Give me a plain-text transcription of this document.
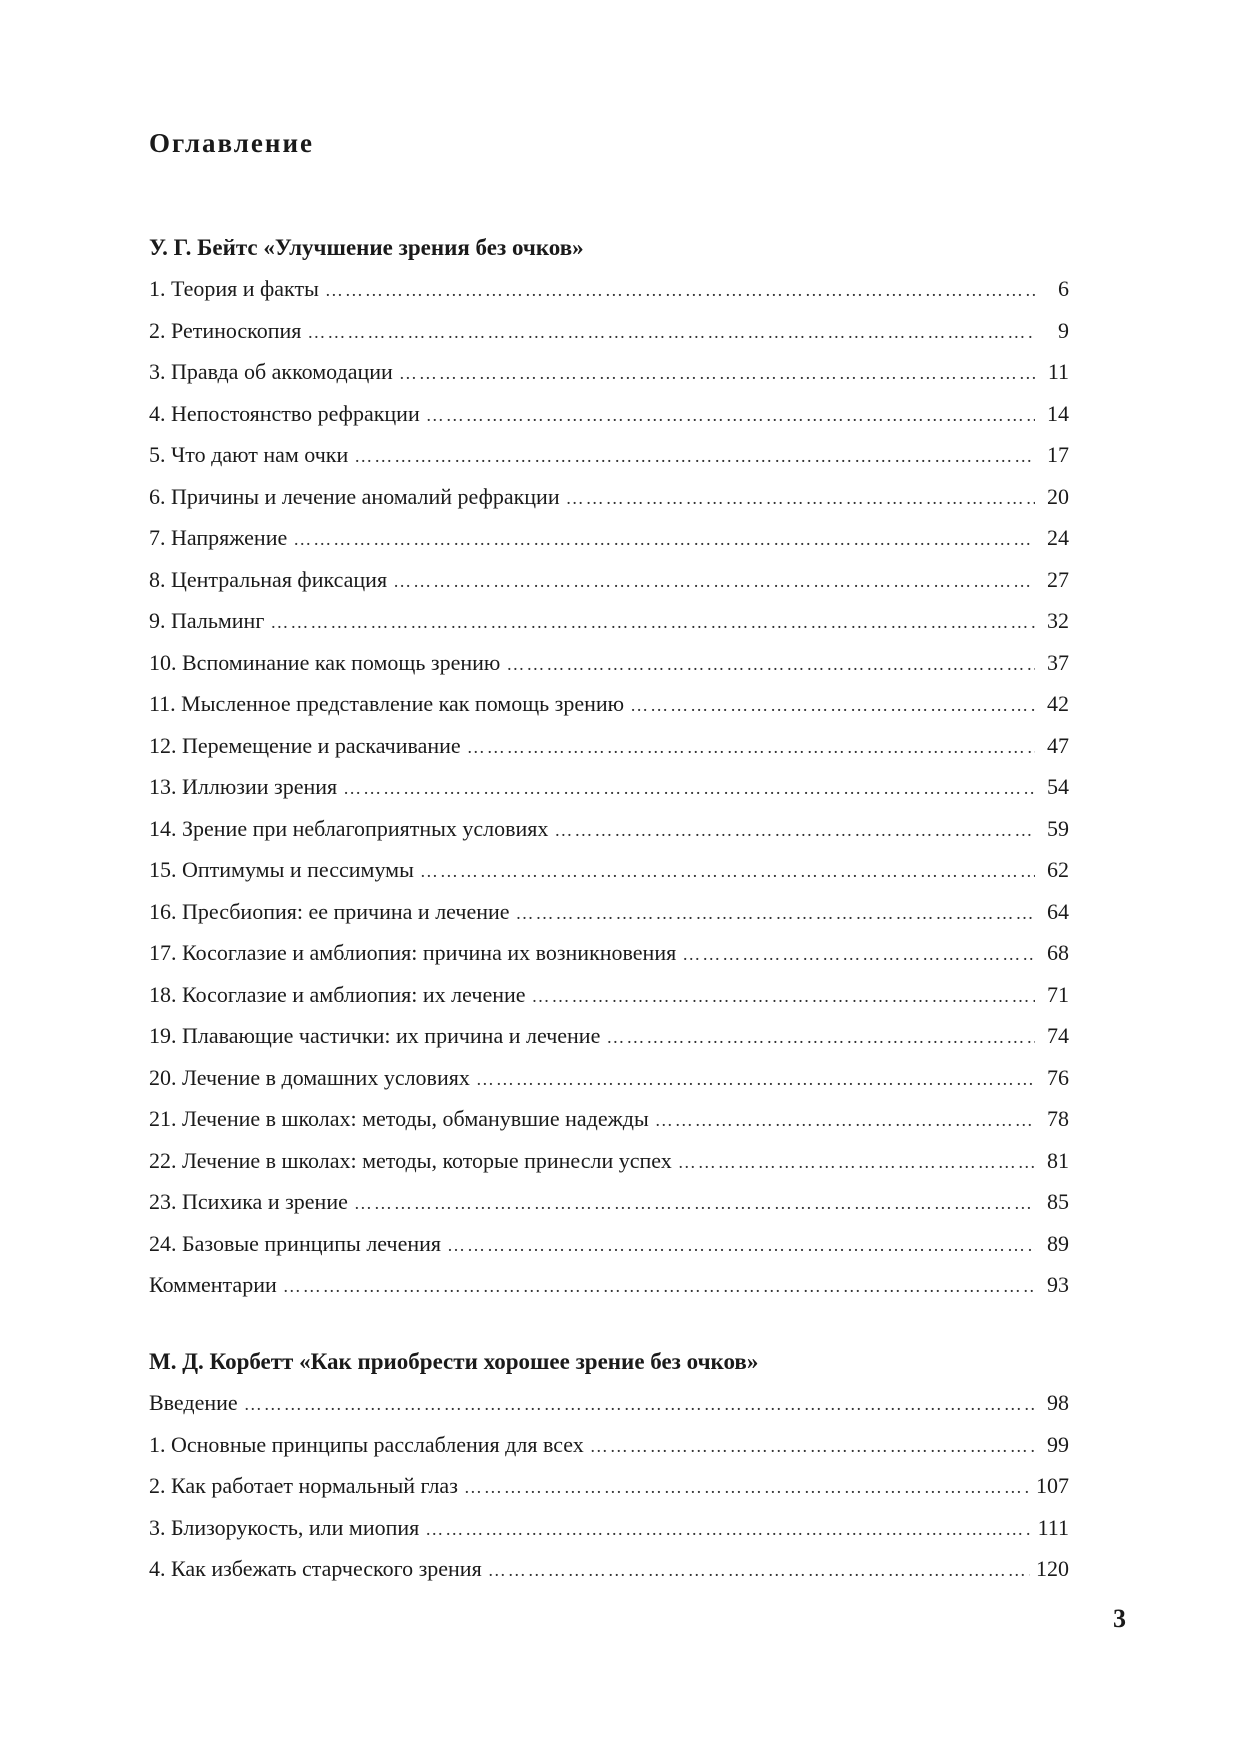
Оглавление
У. Г. Бейтс «Улучшение зрения без очков»
1. Теория и факты …………………………………………………………………………………………………………………………………………………………………………	6
2. Ретиноскопия …………………………………………………………………………………………………………………………………………………………………………	9
3. Правда об аккомодации …………………………………………………………………………………………………………………………………………………………………………	11
4. Непостоянство рефракции …………………………………………………………………………………………………………………………………………………………………………	14
5. Что дают нам очки …………………………………………………………………………………………………………………………………………………………………………	17
6. Причины и лечение аномалий рефракции …………………………………………………………………………………………………………………………………………………………………………	20
7. Напряжение …………………………………………………………………………………………………………………………………………………………………………	24
8. Центральная фиксация …………………………………………………………………………………………………………………………………………………………………………	27
9. Пальминг …………………………………………………………………………………………………………………………………………………………………………	32
10. Вспоминание как помощь зрению …………………………………………………………………………………………………………………………………………………………………………	37
11. Мысленное представление как помощь зрению …………………………………………………………………………………………………………………………………………………………………………	42
12. Перемещение и раскачивание …………………………………………………………………………………………………………………………………………………………………………	47
13. Иллюзии зрения …………………………………………………………………………………………………………………………………………………………………………	54
14. Зрение при неблагоприятных условиях …………………………………………………………………………………………………………………………………………………………………………	59
15. Оптимумы и пессимумы …………………………………………………………………………………………………………………………………………………………………………	62
16. Пресбиопия: ее причина и лечение …………………………………………………………………………………………………………………………………………………………………………	64
17. Косоглазие и амблиопия: причина их возникновения …………………………………………………………………………………………………………………………………………………………………………	68
18. Косоглазие и амблиопия: их лечение …………………………………………………………………………………………………………………………………………………………………………	71
19. Плавающие частички: их причина и лечение …………………………………………………………………………………………………………………………………………………………………………	74
20. Лечение в домашних условиях …………………………………………………………………………………………………………………………………………………………………………	76
21. Лечение в школах: методы, обманувшие надежды …………………………………………………………………………………………………………………………………………………………………………	78
22. Лечение в школах: методы, которые принесли успех …………………………………………………………………………………………………………………………………………………………………………	81
23. Психика и зрение …………………………………………………………………………………………………………………………………………………………………………	85
24. Базовые принципы лечения …………………………………………………………………………………………………………………………………………………………………………	89
Комментарии …………………………………………………………………………………………………………………………………………………………………………	93
М. Д. Корбетт «Как приобрести хорошее зрение без очков»
Введение …………………………………………………………………………………………………………………………………………………………………………	98
1. Основные принципы расслабления для всех …………………………………………………………………………………………………………………………………………………………………………	99
2. Как работает нормальный глаз …………………………………………………………………………………………………………………………………………………………………………	107
3. Близорукость, или миопия …………………………………………………………………………………………………………………………………………………………………………	111
4. Как избежать старческого зрения …………………………………………………………………………………………………………………………………………………………………………	120
3
